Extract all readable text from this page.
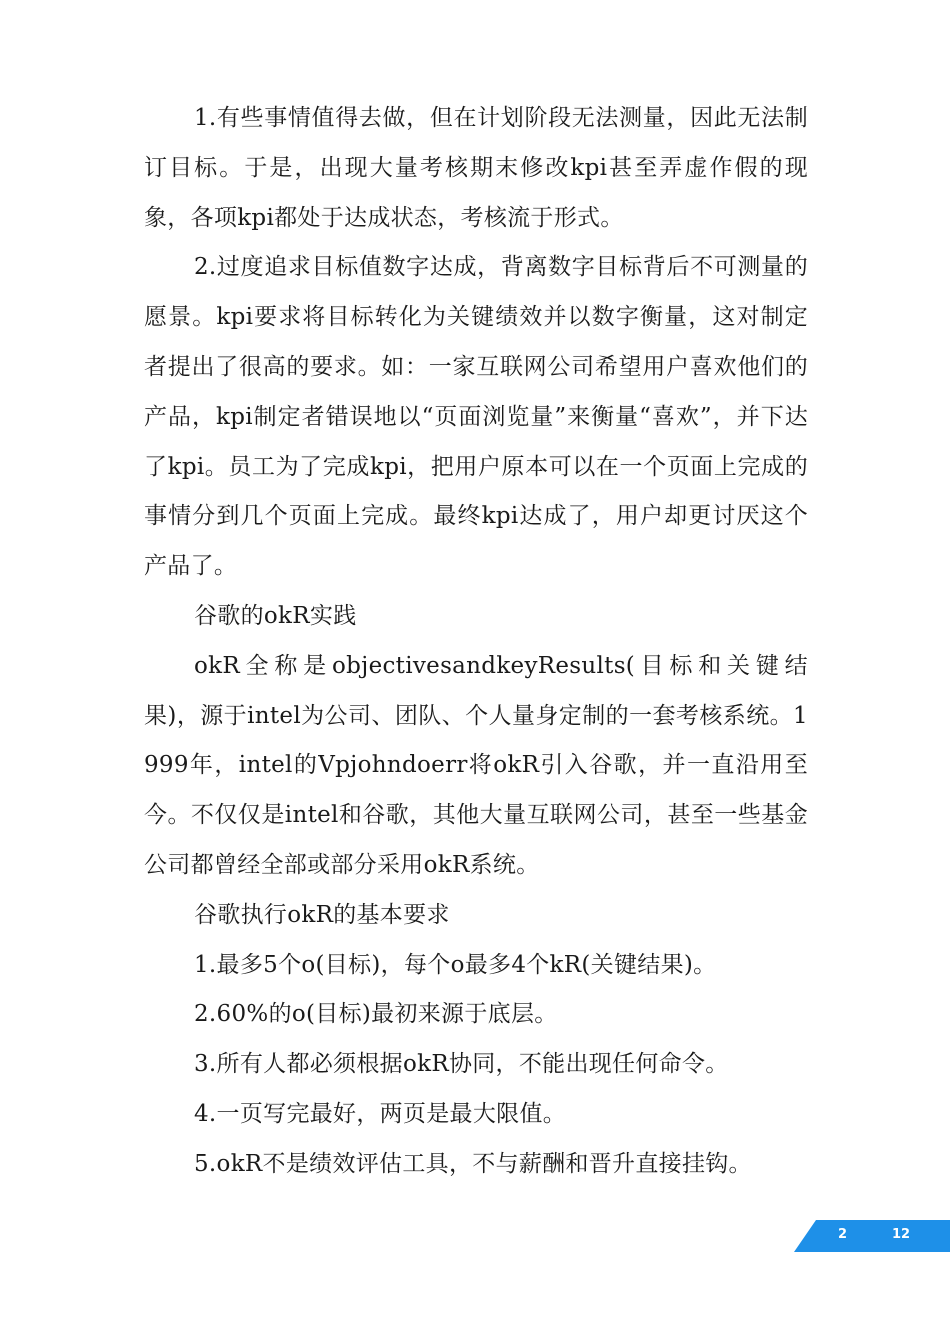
1.有些事情值得去做，但在计划阶段无法测量，因此无法制订目标。于是，出现大量考核期末修改kpi甚至弄虚作假的现象，各项kpi都处于达成状态，考核流于形式。

2.过度追求目标值数字达成，背离数字目标背后不可测量的愿景。kpi要求将目标转化为关键绩效并以数字衡量，这对制定者提出了很高的要求。如：一家互联网公司希望用户喜欢他们的产品，kpi制定者错误地以“页面浏览量”来衡量“喜欢”，并下达了kpi。员工为了完成kpi，把用户原本可以在一个页面上完成的事情分到几个页面上完成。最终kpi达成了，用户却更讨厌这个产品了。

谷歌的okR实践

okR全称是objectivesandkeyResults(目标和关键结果)，源于intel为公司、团队、个人量身定制的一套考核系统。1999年，intel的Vpjohndoerr将okR引入谷歌，并一直沿用至今。不仅仅是intel和谷歌，其他大量互联网公司，甚至一些基金公司都曾经全部或部分采用okR系统。

谷歌执行okR的基本要求

1.最多5个o(目标)，每个o最多4个kR(关键结果)。

2.60%的o(目标)最初来源于底层。

3.所有人都必须根据okR协同，不能出现任何命令。

4.一页写完最好，两页是最大限值。

5.okR不是绩效评估工具，不与薪酬和晋升直接挂钩。

2	12
